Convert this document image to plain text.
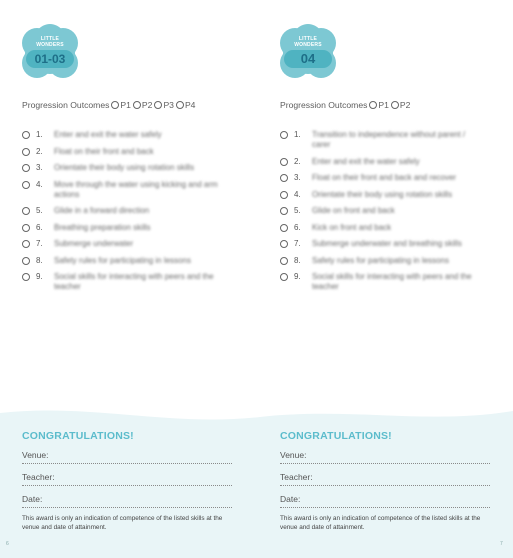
LITTLE
WONDERS
01-03
Progression Outcomes P1 P2 P3 P4
1.	Enter and exit the water safely
2.	Float on their front and back
3.	Orientate their body using rotation skills
4.	Move through the water using kicking and arm actions
5.	Glide in a forward direction
6.	Breathing preparation skills
7.	Submerge underwater
8.	Safety rules for participating in lessons
9.	Social skills for interacting with peers and the teacher
LITTLE
WONDERS
04
Progression Outcomes P1 P2
1.	Transition to independence without parent / carer
2.	Enter and exit the water safely
3.	Float on their front and back and recover
4.	Orientate their body using rotation skills
5.	Glide on front and back
6.	Kick on front and back
7.	Submerge underwater and breathing skills
8.	Safety rules for participating in lessons
9.	Social skills for interacting with peers and the teacher
CONGRATULATIONS!
Venue:
Teacher:
Date:
This award is only an indication of competence of the listed skills at the venue and date of attainment.
CONGRATULATIONS!
Venue:
Teacher:
Date:
This award is only an indication of competence of the listed skills at the venue and date of attainment.
6	7
